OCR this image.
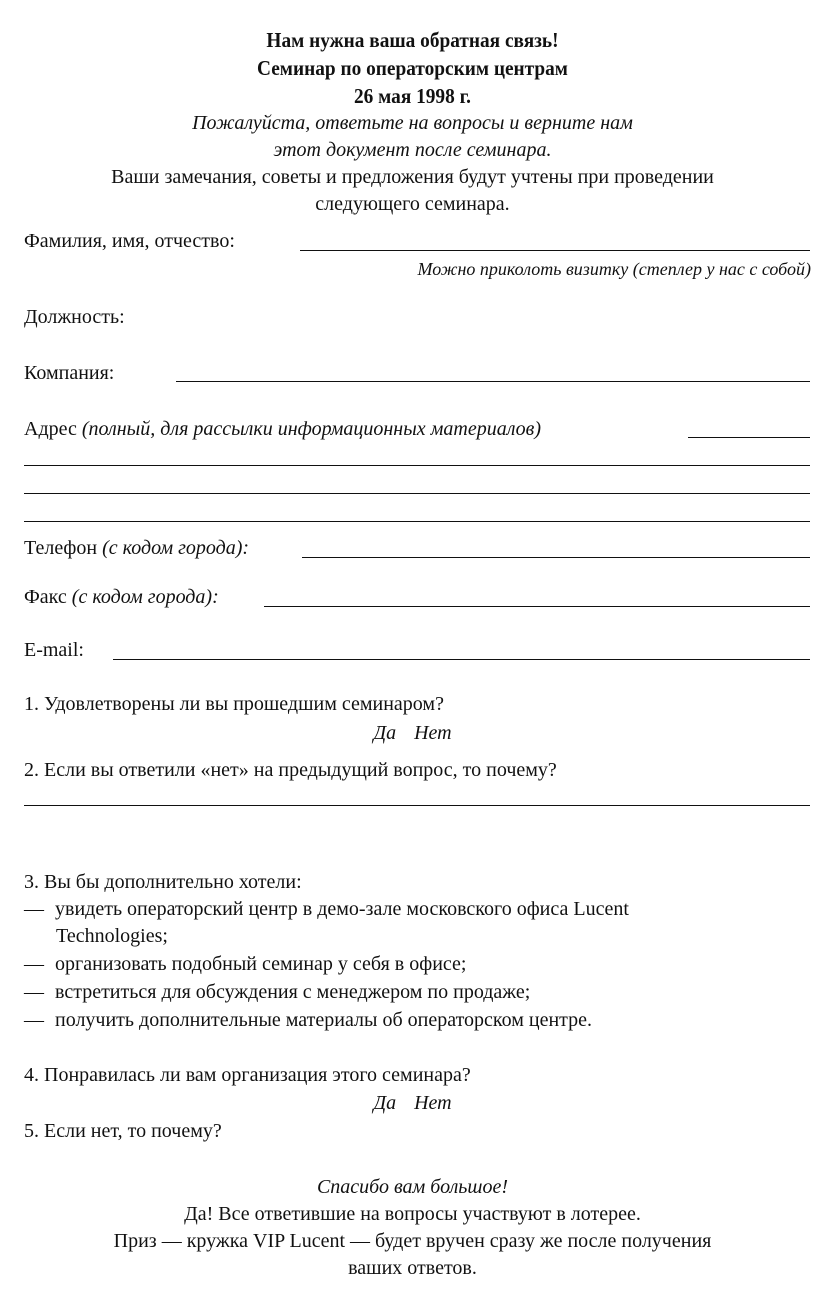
Нам нужна ваша обратная связь!
Семинар по операторским центрам
26 мая 1998 г.
Пожалуйста, ответьте на вопросы и верните нам
этот документ после семинара.
Ваши замечания, советы и предложения будут учтены при проведении
следующего семинара.
Фамилия, имя, отчество:
Можно приколоть визитку (степлер у нас с собой)
Должность:
Компания:
Адрес (полный, для рассылки информационных материалов)
Телефон (с кодом города):
Факс (с кодом города):
E-mail:
1. Удовлетворены ли вы прошедшим семинаром?
Да Нет
2. Если вы ответили «нет» на предыдущий вопрос, то почему?
3. Вы бы дополнительно хотели:
— увидеть операторский центр в демо-зале московского офиса Lucent
Technologies;
— организовать подобный семинар у себя в офисе;
— встретиться для обсуждения с менеджером по продаже;
— получить дополнительные материалы об операторском центре.
4. Понравилась ли вам организация этого семинара?
Да Нет
5. Если нет, то почему?
Спасибо вам большое!
Да! Все ответившие на вопросы участвуют в лотерее.
Приз — кружка VIP Lucent — будет вручен сразу же после получения
ваших ответов.
